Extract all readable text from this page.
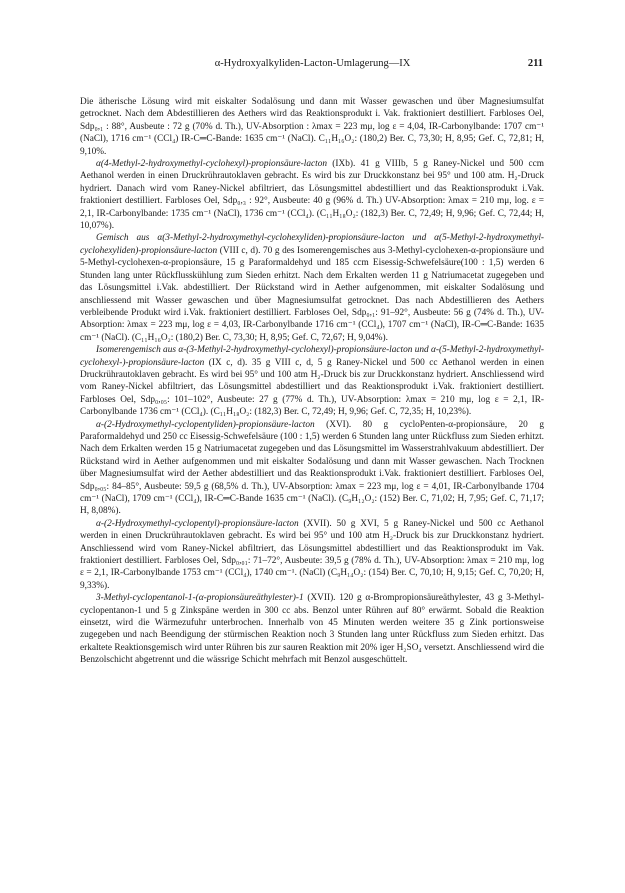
α-Hydroxyalkyliden-Lacton-Umlagerung—IX	211

Die ätherische Lösung wird mit eiskalter Sodalösung und dann mit Wasser gewaschen und über Magnesiumsulfat getrocknet. Nach dem Abdestillieren des Aethers wird das Reaktionsprodukt i. Vak. fraktioniert destilliert. Farbloses Oel, Sdp₀,₁ : 88°, Ausbeute : 72 g (70% d. Th.), UV-Absorption : λmax = 223 mμ, log ε = 4,04, IR-Carbonylbande: 1707 cm⁻¹ (NaCl), 1716 cm⁻¹ (CCl₄) IR-C═C-Bande: 1635 cm⁻¹ (NaCl). C₁₁H₁₆O₂: (180,2) Ber. C, 73,30; H, 8,95; Gef. C, 72,81; H, 9,10%.

α(4-Methyl-2-hydroxymethyl-cyclohexyl)-propionsäure-lacton (IXb). 41 g VIIIb, 5 g Raney-Nickel und 500 ccm Aethanol werden in einen Druckrührautoklaven gebracht. Es wird bis zur Druckkonstanz bei 95° und 100 atm. H₂-Druck hydriert. Danach wird vom Raney-Nickel abfiltriert, das Lösungsmittel abdestilliert und das Reaktionsprodukt i.Vak. fraktioniert destilliert. Farbloses Oel, Sdp₀,₃ : 92°, Ausbeute: 40 g (96% d. Th.) UV-Absorption: λmax = 210 mμ, log. ε = 2,1, IR-Carbonylbande: 1735 cm⁻¹ (NaCl), 1736 cm⁻¹ (CCl₄). (C₁₁H₁₈O₂: (182,3) Ber. C, 72,49; H, 9,96; Gef. C, 72,44; H, 10,07%).

Gemisch aus α(3-Methyl-2-hydroxymethyl-cyclohexyliden)-propionsäure-lacton und α(5-Methyl-2-hydroxymethyl-cyclohexyliden)-propionsäure-lacton (VIII c, d). 70 g des Isomerengemisches aus 3-Methyl-cyclohexen-α-propionsäure und 5-Methyl-cyclohexen-α-propionsäure, 15 g Paraformaldehyd und 185 ccm Eisessig-Schwefelsäure(100 : 1,5) werden 6 Stunden lang unter Rückflusskühlung zum Sieden erhitzt. Nach dem Erkalten werden 11 g Natriumacetat zugegeben und das Lösungsmittel i.Vak. abdestilliert. Der Rückstand wird in Aether aufgenommen, mit eiskalter Sodalösung und anschliessend mit Wasser gewaschen und über Magnesiumsulfat getrocknet. Das nach Abdestillieren des Aethers verbleibende Produkt wird i.Vak. fraktioniert destilliert. Farbloses Oel, Sdp₀,₁: 91–92°, Ausbeute: 56 g (74% d. Th.), UV-Absorption: λmax = 223 mμ, log ε = 4,03, IR-Carbonylbande 1716 cm⁻¹ (CCl₄), 1707 cm⁻¹ (NaCl), IR-C═C-Bande: 1635 cm⁻¹ (NaCl). (C₁₁H₁₆O₂: (180,2) Ber. C, 73,30; H, 8,95; Gef. C, 72,67; H, 9,04%).

Isomerengemisch aus α-(3-Methyl-2-hydroxymethyl-cyclohexyl)-propionsäure-lacton und α-(5-Methyl-2-hydroxymethyl-cyclohexyl-)-propionsäure-lacton (IX c, d). 35 g VIII c, d, 5 g Raney-Nickel und 500 cc Aethanol werden in einen Druckrührautoklaven gebracht. Es wird bei 95° und 100 atm H₂-Druck bis zur Druckkonstanz hydriert. Anschliessend wird vom Raney-Nickel abfiltriert, das Lösungsmittel abdestilliert und das Reaktionsprodukt i.Vak. fraktioniert destilliert. Farbloses Oel, Sdp₀,₀₅: 101–102°, Ausbeute: 27 g (77% d. Th.), UV-Absorption: λmax = 210 mμ, log ε = 2,1, IR-Carbonylbande 1736 cm⁻¹ (CCl₄). (C₁₁H₁₈O₂: (182,3) Ber. C, 72,49; H, 9,96; Gef. C, 72,35; H, 10,23%).

α-(2-Hydroxymethyl-cyclopentyliden)-propionsäure-lacton (XVI). 80 g cycloPenten-α-propionsäure, 20 g Paraformaldehyd und 250 cc Eisessig-Schwefelsäure (100 : 1,5) werden 6 Stunden lang unter Rückfluss zum Sieden erhitzt. Nach dem Erkalten werden 15 g Natriumacetat zugegeben und das Lösungsmittel im Wasserstrahlvakuum abdestilliert. Der Rückstand wird in Aether aufgenommen und mit eiskalter Sodalösung und dann mit Wasser gewaschen. Nach Trocknen über Magnesiumsulfat wird der Aether abdestilliert und das Reaktionsprodukt i.Vak. fraktioniert destilliert. Farbloses Oel, Sdp₀,₀₅: 84–85°, Ausbeute: 59,5 g (68,5% d. Th.), UV-Absorption: λmax = 223 mμ, log ε = 4,01, IR-Carbonylbande 1704 cm⁻¹ (NaCl), 1709 cm⁻¹ (CCl₄), IR-C═C-Bande 1635 cm⁻¹ (NaCl). (C₉H₁₂O₂: (152) Ber. C, 71,02; H, 7,95; Gef. C, 71,17; H, 8,08%).

α-(2-Hydroxymethyl-cyclopentyl)-propionsäure-lacton (XVII). 50 g XVI, 5 g Raney-Nickel und 500 cc Aethanol werden in einen Druckrührautoklaven gebracht. Es wird bei 95° und 100 atm H₂-Druck bis zur Druckkonstanz hydriert. Anschliessend wird vom Raney-Nickel abfiltriert, das Lösungsmittel abdestilliert und das Reaktionsprodukt im Vak. fraktioniert destilliert. Farbloses Oel, Sdp₀,₀₁: 71–72°, Ausbeute: 39,5 g (78% d. Th.), UV-Absorption: λmax = 210 mμ, log ε = 2,1, IR-Carbonylbande 1753 cm⁻¹ (CCl₄), 1740 cm⁻¹. (NaCl) (C₉H₁₄O₂: (154) Ber. C, 70,10; H, 9,15; Gef. C, 70,20; H, 9,33%).

3-Methyl-cyclopentanol-1-(α-propionsäureäthylester)-1 (XVII). 120 g α-Brompropionsäureäthylester, 43 g 3-Methyl-cyclopentanon-1 und 5 g Zinkspäne werden in 300 cc abs. Benzol unter Rühren auf 80° erwärmt. Sobald die Reaktion einsetzt, wird die Wärmezufuhr unterbrochen. Innerhalb von 45 Minuten werden weitere 35 g Zink portionsweise zugegeben und nach Beendigung der stürmischen Reaktion noch 3 Stunden lang unter Rückfluss zum Sieden erhitzt. Das erkaltete Reaktionsgemisch wird unter Rühren bis zur sauren Reaktion mit 20% iger H₂SO₄ versetzt. Anschliessend wird die Benzolschicht abgetrennt und die wässrige Schicht mehrfach mit Benzol ausgeschüttelt.
